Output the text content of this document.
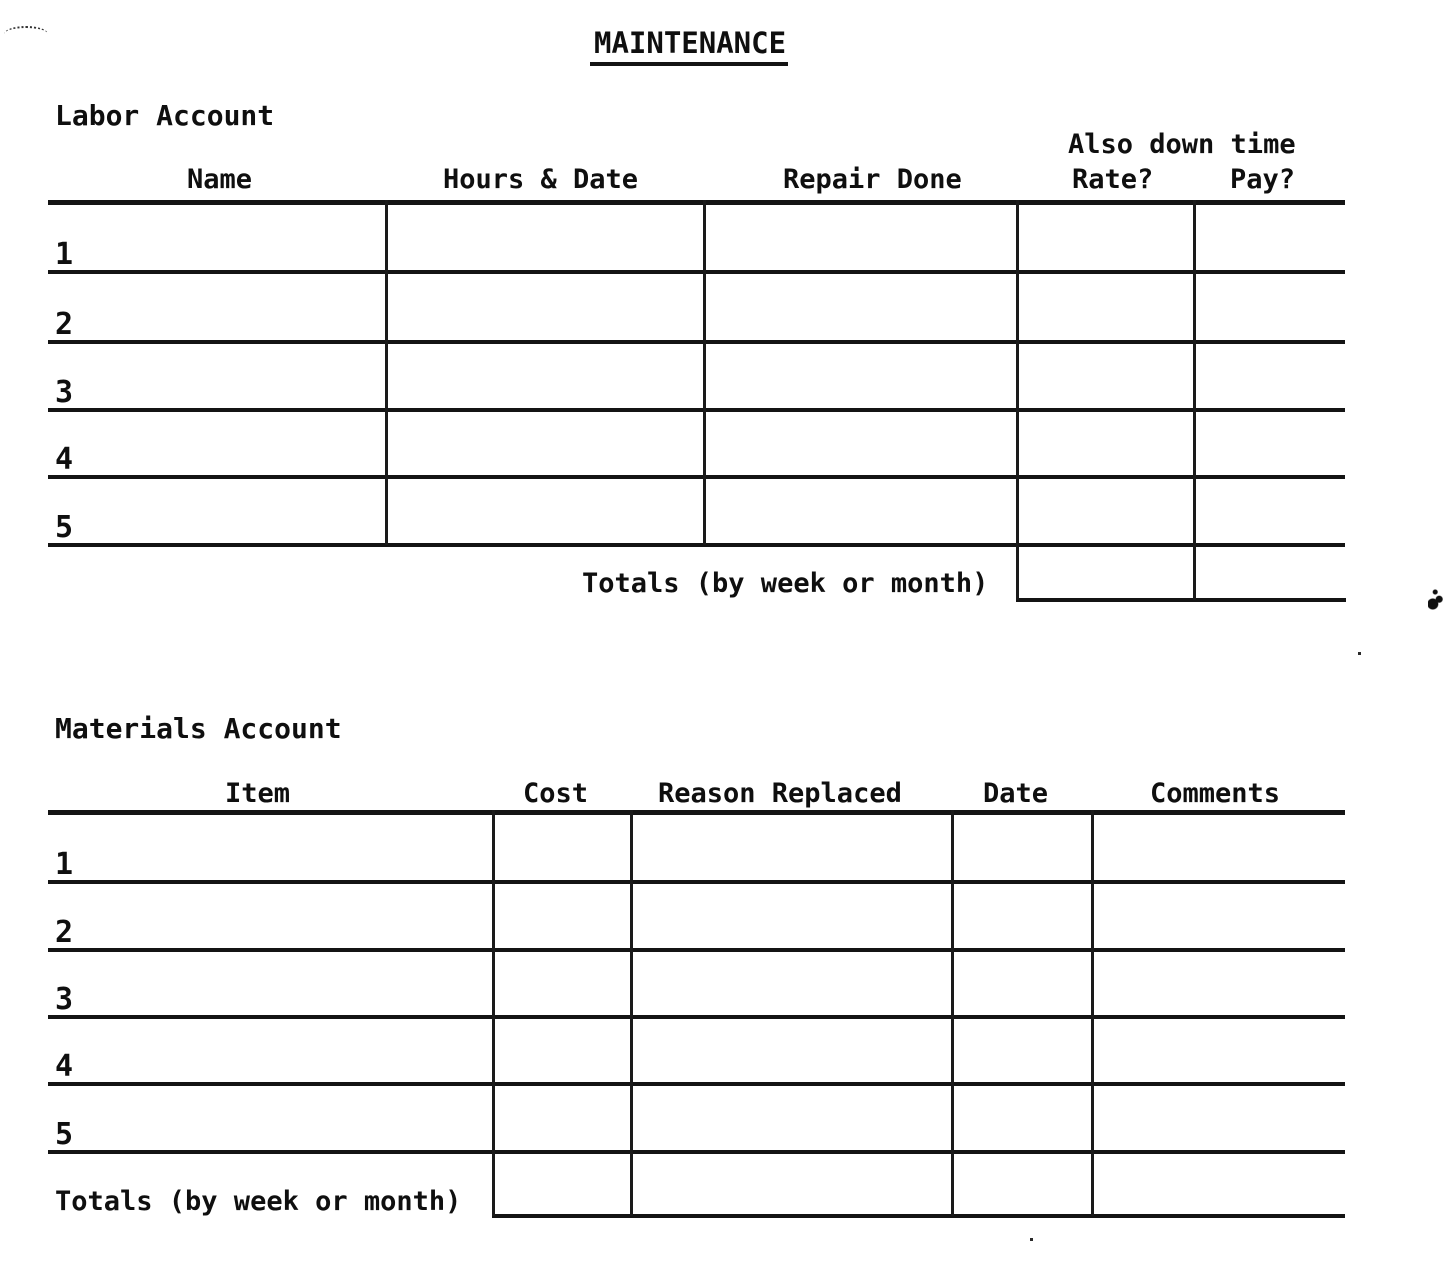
MAINTENANCE
Labor Account
Also down time
Name	Hours & Date	Repair Done	Rate?	Pay?
1
2
3
4
5
Totals (by week or month)
Materials Account
Item	Cost	Reason Replaced	Date	Comments
1
2
3
4
5
Totals (by week or month)
